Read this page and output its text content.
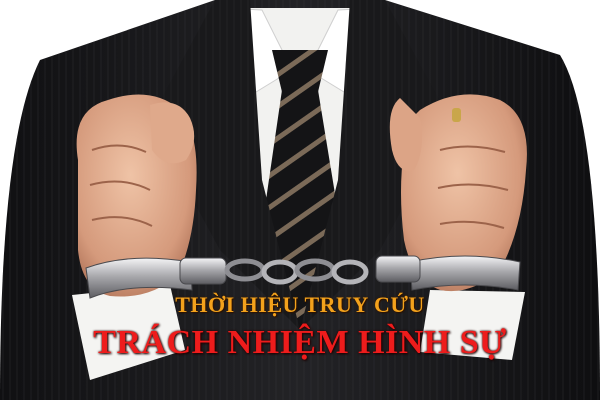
THỜI HIỆU TRUY CỨU
TRÁCH NHIỆM HÌNH SỰ
